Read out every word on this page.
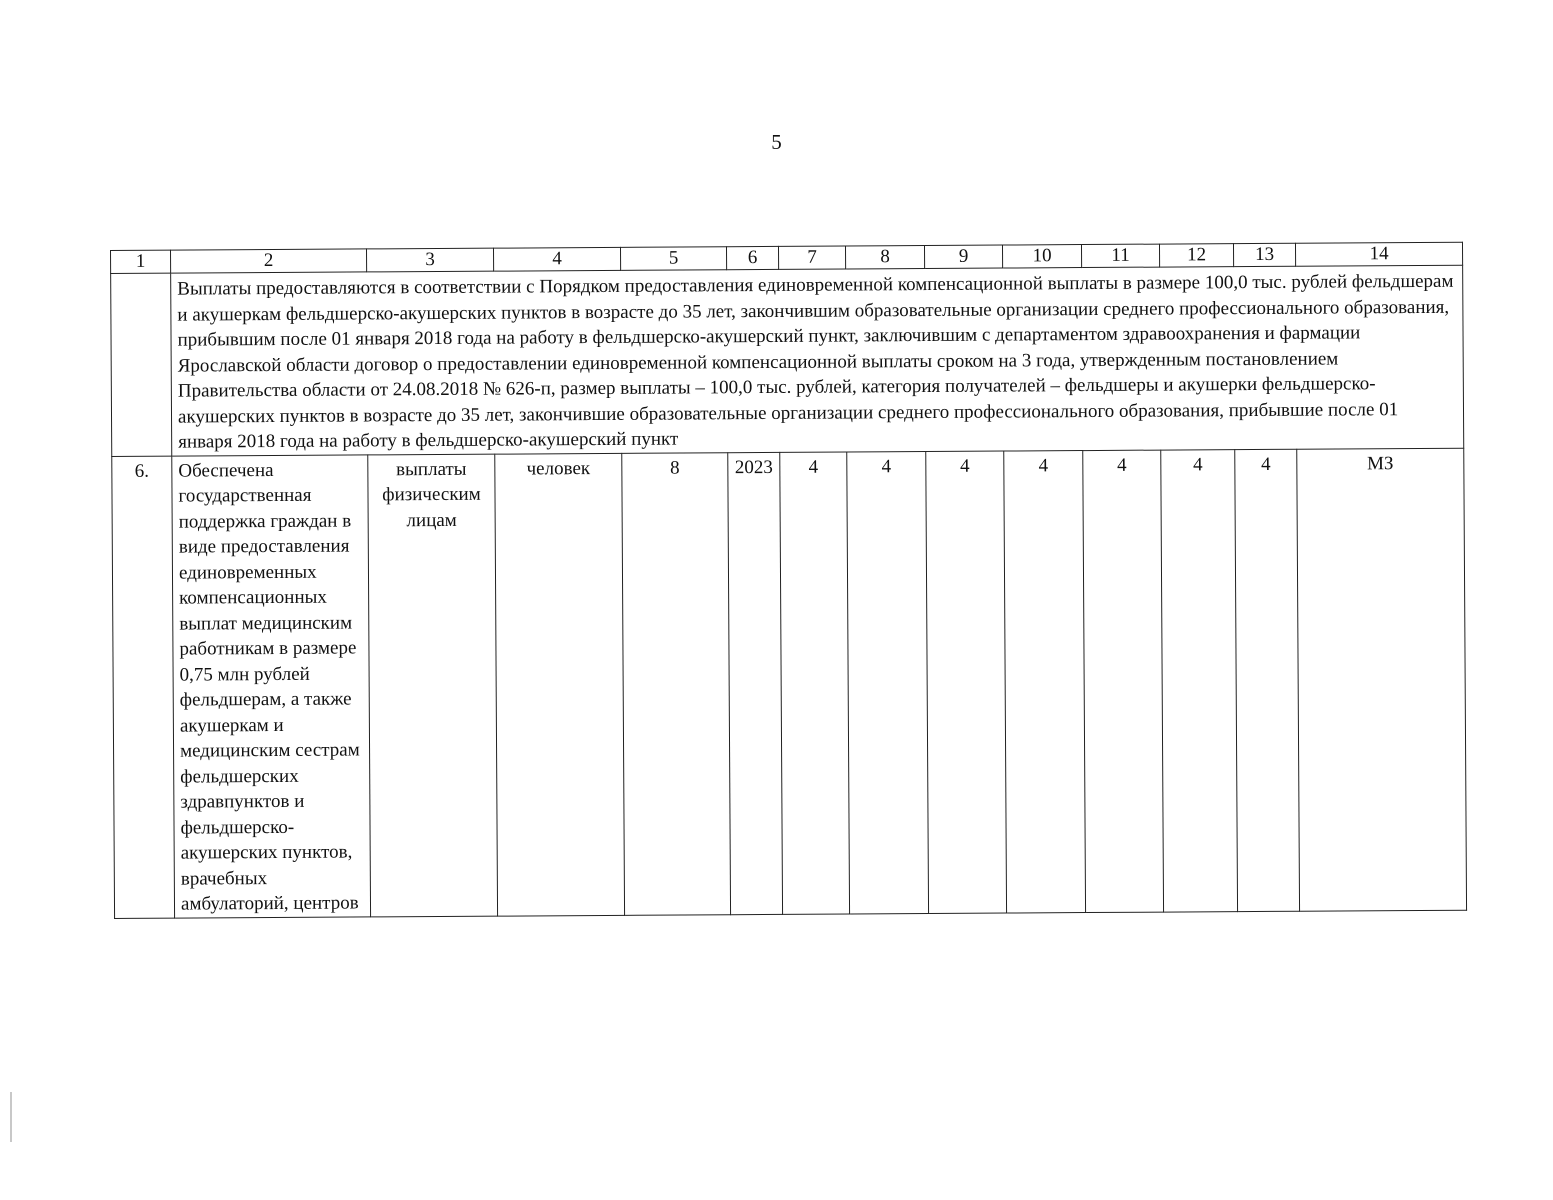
5
1	2	3	4	5	6	7	8	9	10	11	12	13	14
	Выплаты предоставляются в соответствии с Порядком предоставления единовременной компенсационной выплаты в размере 100,0 тыс. рублей фельдшерам и акушеркам фельдшерско-акушерских пунктов в возрасте до 35 лет, закончившим образовательные организации среднего профессионального образования, прибывшим после 01 января 2018 года на работу в фельдшерско-акушерский пункт, заключившим с департаментом здравоохранения и фармации Ярославской области договор о предоставлении единовременной компенсационной выплаты сроком на 3 года, утвержденным постановлением Правительства области от 24.08.2018 № 626-п, размер выплаты – 100,0 тыс. рублей, категория получателей – фельдшеры и акушерки фельдшерско-акушерских пунктов в возрасте до 35 лет, закончившие образовательные организации среднего профессионального образования, прибывшие после 01 января 2018 года на работу в фельдшерско-акушерский пункт												
6.	Обеспечена государственная поддержка граждан в виде предоставления единовременных компенсационных выплат медицинским работникам в размере 0,75 млн рублей фельдшерам, а также акушеркам и медицинским сестрам фельдшерских здравпунктов и фельдшерско-акушерских пунктов, врачебных амбулаторий, центров	выплаты физическим лицам	человек	8	2023	4	4	4	4	4	4	4	МЗ
